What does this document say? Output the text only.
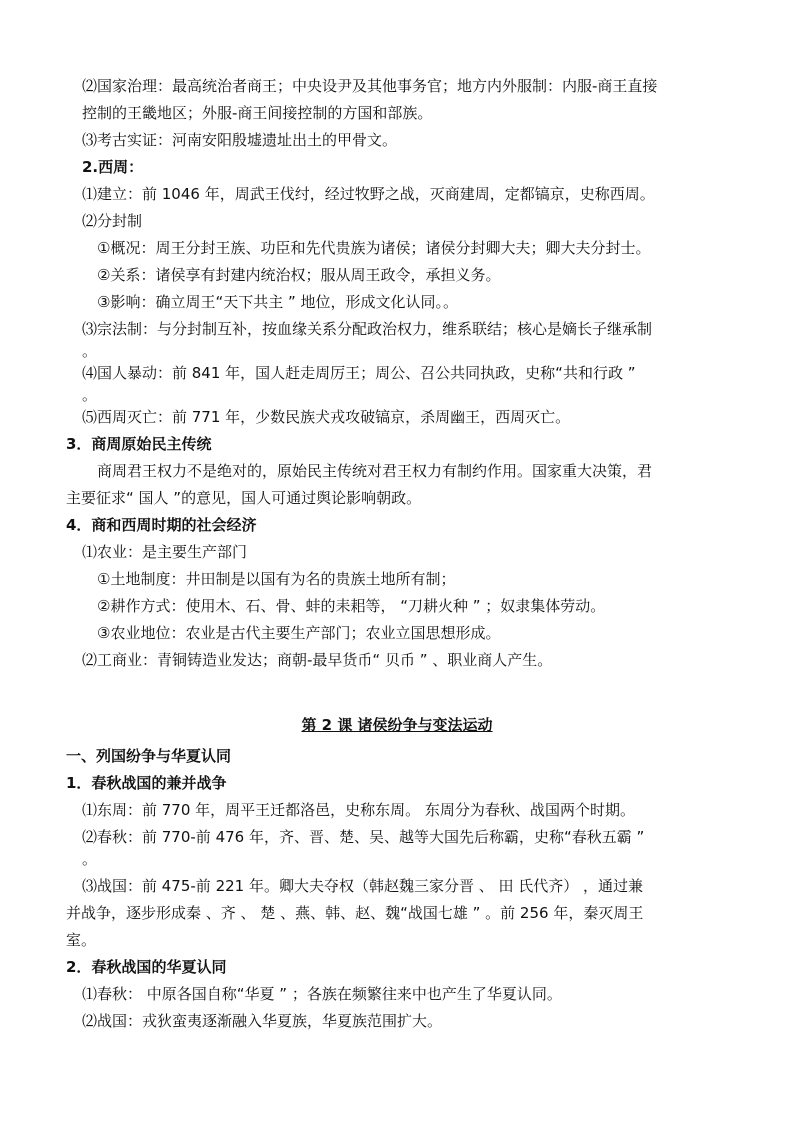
⑵国家治理：最高统治者商王；中央设尹及其他事务官；地方内外服制：内服-商王直接
控制的王畿地区；外服-商王间接控制的方国和部族。
⑶考古实证：河南安阳殷墟遗址出土的甲骨文。
2.西周：
⑴建立：前 1046 年，周武王伐纣，经过牧野之战，灭商建周，定都镐京，史称西周。
⑵分封制
①概况：周王分封王族、功臣和先代贵族为诸侯；诸侯分封卿大夫；卿大夫分封士。
②关系：诸侯享有封建内统治权；服从周王政令，承担义务。
③影响：确立周王“天下共主 ” 地位，形成文化认同。。
⑶宗法制：与分封制互补，按血缘关系分配政治权力，维系联结；核心是嫡长子继承制
。
⑷国人暴动：前 841 年，国人赶走周厉王；周公、召公共同执政，史称“共和行政 ”
。
⑸西周灭亡：前 771 年，少数民族犬戎攻破镐京，杀周幽王，西周灭亡。
3．商周原始民主传统
商周君王权力不是绝对的，原始民主传统对君王权力有制约作用。国家重大决策，君
主要征求“ 国人 ”的意见，国人可通过舆论影响朝政。
4．商和西周时期的社会经济
⑴农业：是主要生产部门
①土地制度：井田制是以国有为名的贵族土地所有制；
②耕作方式：使用木、石、骨、蚌的耒耜等， “刀耕火种 ” ；奴隶集体劳动。
③农业地位：农业是古代主要生产部门；农业立国思想形成。
⑵工商业：青铜铸造业发达；商朝-最早货币“ 贝币 ” 、职业商人产生。
第 2 课 诸侯纷争与变法运动
一、列国纷争与华夏认同
1．春秋战国的兼并战争
⑴东周：前 770 年，周平王迁都洛邑，史称东周。 东周分为春秋、战国两个时期。
⑵春秋：前 770-前 476 年，齐、晋、楚、吴、越等大国先后称霸，史称“春秋五霸 ”
。
⑶战国：前 475-前 221 年。卿大夫夺权（韩赵魏三家分晋 、 田 氏代齐） ，通过兼
并战争，逐步形成秦 、齐 、 楚 、燕、韩、赵、魏“战国七雄 ” 。前 256 年，秦灭周王
室。
2．春秋战国的华夏认同
⑴春秋： 中原各国自称“华夏 ” ；各族在频繁往来中也产生了华夏认同。
⑵战国：戎狄蛮夷逐渐融入华夏族，华夏族范围扩大。
